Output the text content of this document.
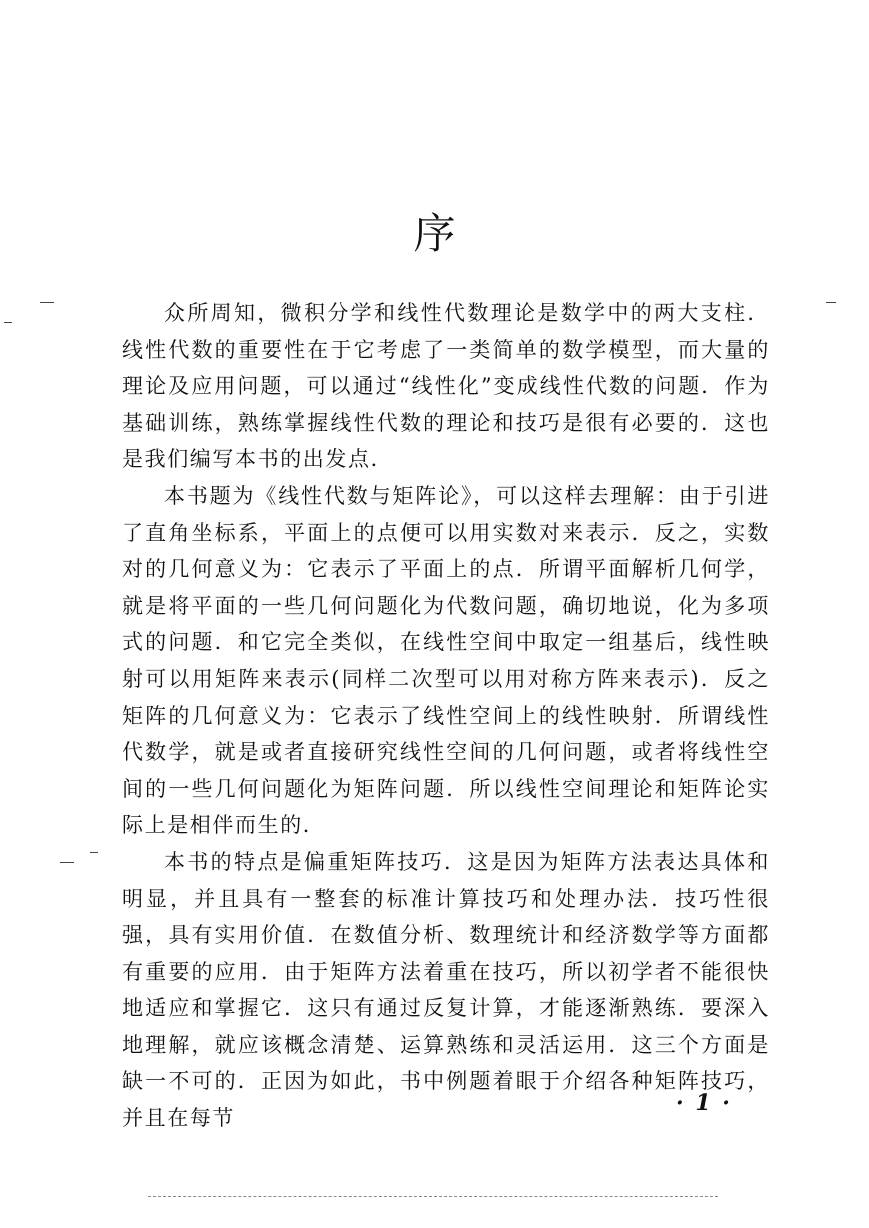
序

众所周知，微积分学和线性代数理论是数学中的两大支柱．线性代数的重要性在于它考虑了一类简单的数学模型，而大量的理论及应用问题，可以通过“线性化”变成线性代数的问题．作为基础训练，熟练掌握线性代数的理论和技巧是很有必要的．这也是我们编写本书的出发点．

本书题为《线性代数与矩阵论》，可以这样去理解：由于引进了直角坐标系，平面上的点便可以用实数对来表示．反之，实数对的几何意义为：它表示了平面上的点．所谓平面解析几何学，就是将平面的一些几何问题化为代数问题，确切地说，化为多项式的问题．和它完全类似，在线性空间中取定一组基后，线性映射可以用矩阵来表示(同样二次型可以用对称方阵来表示)．反之矩阵的几何意义为：它表示了线性空间上的线性映射．所谓线性代数学，就是或者直接研究线性空间的几何问题，或者将线性空间的一些几何问题化为矩阵问题．所以线性空间理论和矩阵论实际上是相伴而生的．

本书的特点是偏重矩阵技巧．这是因为矩阵方法表达具体和明显，并且具有一整套的标准计算技巧和处理办法．技巧性很强，具有实用价值．在数值分析、数理统计和经济数学等方面都有重要的应用．由于矩阵方法着重在技巧，所以初学者不能很快地适应和掌握它．这只有通过反复计算，才能逐渐熟练．要深入地理解，就应该概念清楚、运算熟练和灵活运用．这三个方面是缺一不可的．正因为如此，书中例题着眼于介绍各种矩阵技巧，并且在每节

· 1 ·
